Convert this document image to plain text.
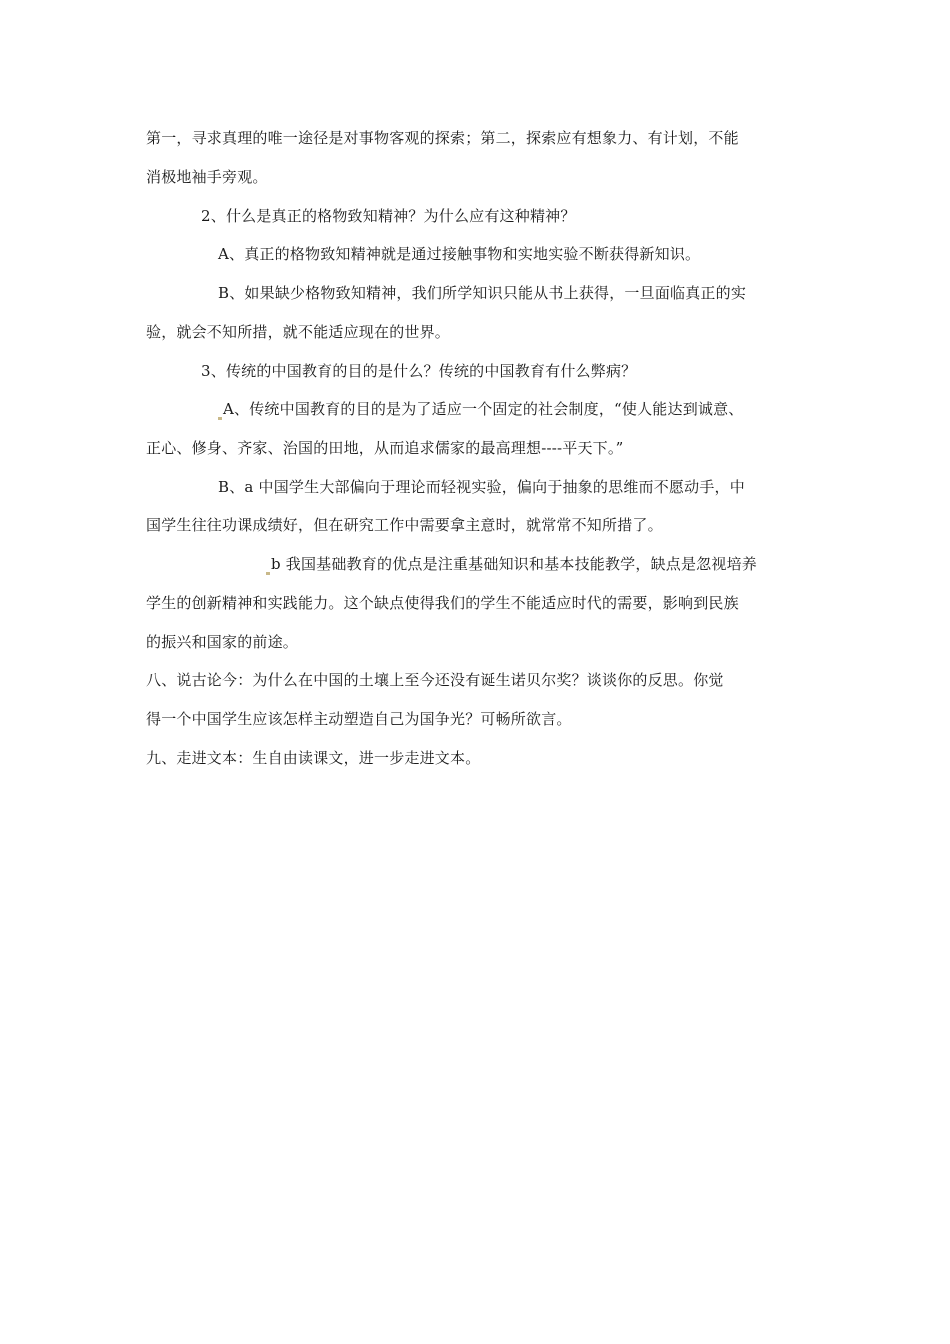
第一，寻求真理的唯一途径是对事物客观的探索；第二，探索应有想象力、有计划，不能
消极地袖手旁观。
2、什么是真正的格物致知精神？为什么应有这种精神？
A、真正的格物致知精神就是通过接触事物和实地实验不断获得新知识。
B、如果缺少格物致知精神，我们所学知识只能从书上获得，一旦面临真正的实
验，就会不知所措，就不能适应现在的世界。
3、传统的中国教育的目的是什么？传统的中国教育有什么弊病？
A、传统中国教育的目的是为了适应一个固定的社会制度，“使人能达到诚意、
正心、修身、齐家、治国的田地，从而追求儒家的最高理想----平天下。”
B、a 中国学生大部偏向于理论而轻视实验，偏向于抽象的思维而不愿动手，中
国学生往往功课成绩好，但在研究工作中需要拿主意时，就常常不知所措了。
b 我国基础教育的优点是注重基础知识和基本技能教学，缺点是忽视培养
学生的创新精神和实践能力。这个缺点使得我们的学生不能适应时代的需要，影响到民族
的振兴和国家的前途。
八、说古论今：为什么在中国的土壤上至今还没有诞生诺贝尔奖？谈谈你的反思。你觉
得一个中国学生应该怎样主动塑造自己为国争光？可畅所欲言。
九、走进文本：生自由读课文，进一步走进文本。
